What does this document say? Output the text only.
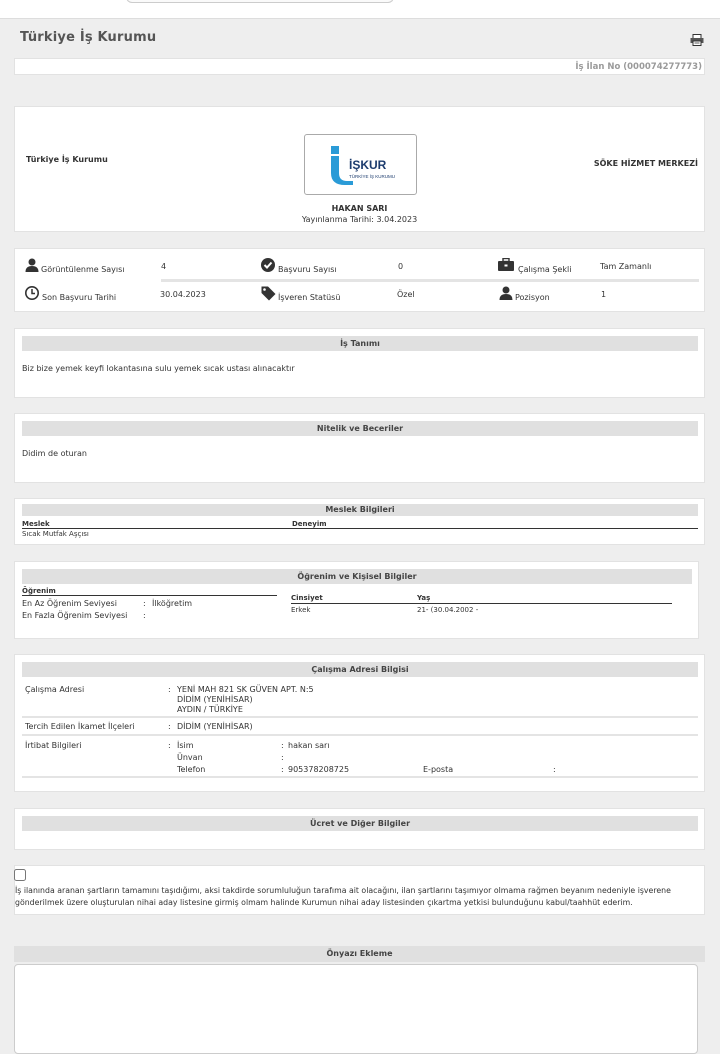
Türkiye İş Kurumu
İş İlan No (000074277773)
Türkiye İş Kurumu	İŞKUR
TÜRKİYE İŞ KURUMU
HAKAN SARI
Yayınlanma Tarihi: 3.04.2023
SÖKE HİZMET MERKEZİ
Görüntülenme Sayısı	4	Başvuru Sayısı	0	Çalışma Şekli	Tam Zamanlı
Son Başvuru Tarihi	30.04.2023	İşveren Statüsü	Özel	Pozisyon	1
İş Tanımı
Biz bize yemek keyfi lokantasına sulu yemek sıcak ustası alınacaktır
Nitelik ve Beceriler
Didim de oturan
Meslek Bilgileri
Meslek	Deneyim
Sıcak Mutfak Aşçısı
Öğrenim ve Kişisel Bilgiler
Öğrenim
En Az Öğrenim Seviyesi	: İlköğretim
En Fazla Öğrenim Seviyesi :
Cinsiyet	Yaş
Erkek	21- (30.04.2002 -
Çalışma Adresi Bilgisi
Çalışma Adresi	: YENİ MAH 821 SK GÜVEN APT. N:5
DİDİM (YENİHİSAR)
AYDIN / TÜRKİYE
Tercih Edilen İkamet İlçeleri	: DİDİM (YENİHİSAR)
İrtibat Bilgileri	: İsim	: hakan sarı
Ünvan	:
Telefon	: 905378208725	E-posta	:
Ücret ve Diğer Bilgiler
İş ilanında aranan şartların tamamını taşıdığımı, aksi takdirde sorumluluğun tarafıma ait olacağını, ilan şartlarını taşımıyor olmama rağmen beyanım nedeniyle işverene gönderilmek üzere oluşturulan nihai aday listesine girmiş olmam halinde Kurumun nihai aday listesinden çıkartma yetkisi bulunduğunu kabul/taahhüt ederim.
Önyazı Ekleme
